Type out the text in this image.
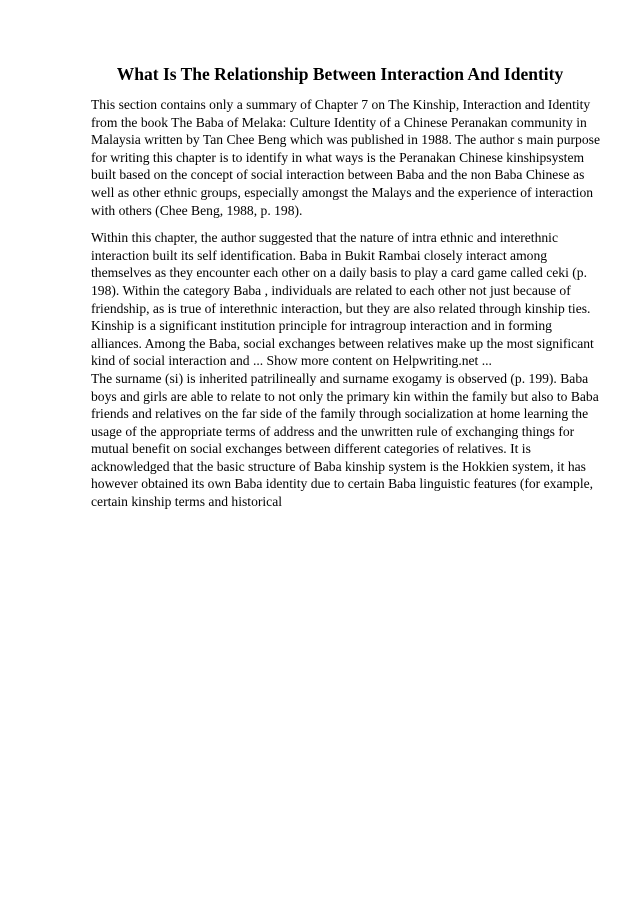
What Is The Relationship Between Interaction And Identity

This section contains only a summary of Chapter 7 on The Kinship, Interaction and Identity from the book The Baba of Melaka: Culture Identity of a Chinese Peranakan community in Malaysia written by Tan Chee Beng which was published in 1988. The author s main purpose for writing this chapter is to identify in what ways is the Peranakan Chinese kinshipsystem built based on the concept of social interaction between Baba and the non Baba Chinese as well as other ethnic groups, especially amongst the Malays and the experience of interaction with others (Chee Beng, 1988, p. 198).

Within this chapter, the author suggested that the nature of intra ethnic and interethnic interaction built its self identification. Baba in Bukit Rambai closely interact among themselves as they encounter each other on a daily basis to play a card game called ceki (p. 198). Within the category Baba , individuals are related to each other not just because of friendship, as is true of interethnic interaction, but they are also related through kinship ties. Kinship is a significant institution principle for intragroup interaction and in forming alliances. Among the Baba, social exchanges between relatives make up the most significant kind of social interaction and ... Show more content on Helpwriting.net ...

The surname (si) is inherited patrilineally and surname exogamy is observed (p. 199). Baba boys and girls are able to relate to not only the primary kin within the family but also to Baba friends and relatives on the far side of the family through socialization at home learning the usage of the appropriate terms of address and the unwritten rule of exchanging things for mutual benefit on social exchanges between different categories of relatives. It is acknowledged that the basic structure of Baba kinship system is the Hokkien system, it has however obtained its own Baba identity due to certain Baba linguistic features (for example, certain kinship terms and historical
